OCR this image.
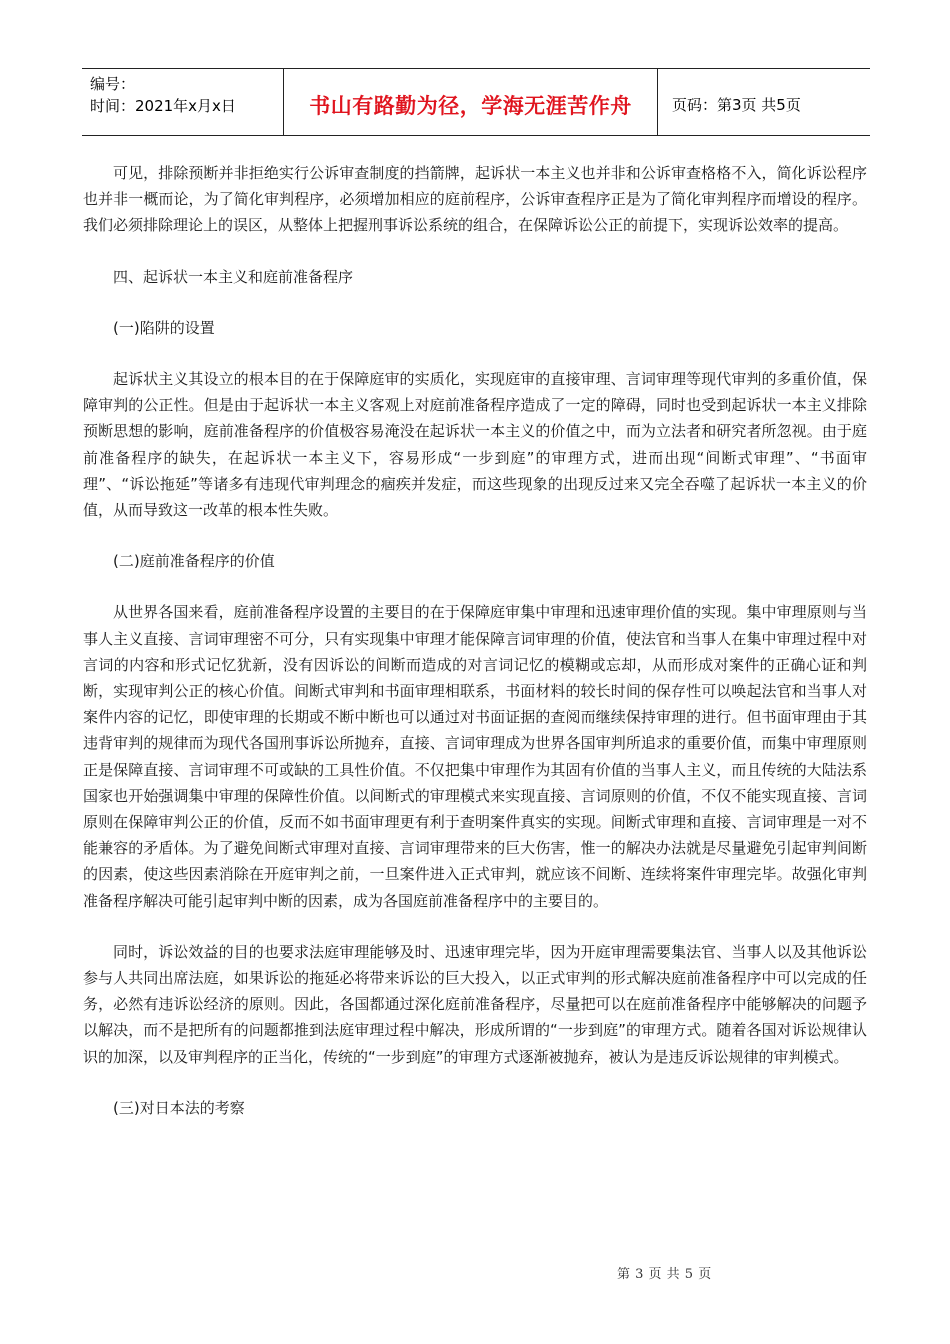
编号：
时间：2021年x月x日	书山有路勤为径，学海无涯苦作舟	页码：第3页 共5页

可见，排除预断并非拒绝实行公诉审查制度的挡箭牌，起诉状一本主义也并非和公诉审查格格不入，简化诉讼程序也并非一概而论，为了简化审判程序，必须增加相应的庭前程序，公诉审查程序正是为了简化审判程序而增设的程序。我们必须排除理论上的误区，从整体上把握刑事诉讼系统的组合，在保障诉讼公正的前提下，实现诉讼效率的提高。

四、起诉状一本主义和庭前准备程序

(一)陷阱的设置

起诉状主义其设立的根本目的在于保障庭审的实质化，实现庭审的直接审理、言词审理等现代审判的多重价值，保障审判的公正性。但是由于起诉状一本主义客观上对庭前准备程序造成了一定的障碍，同时也受到起诉状一本主义排除预断思想的影响，庭前准备程序的价值极容易淹没在起诉状一本主义的价值之中，而为立法者和研究者所忽视。由于庭前准备程序的缺失，在起诉状一本主义下，容易形成“一步到庭”的审理方式，进而出现“间断式审理”、“书面审理”、“诉讼拖延”等诸多有违现代审判理念的痼疾并发症，而这些现象的出现反过来又完全吞噬了起诉状一本主义的价值，从而导致这一改革的根本性失败。

(二)庭前准备程序的价值

从世界各国来看，庭前准备程序设置的主要目的在于保障庭审集中审理和迅速审理价值的实现。集中审理原则与当事人主义直接、言词审理密不可分，只有实现集中审理才能保障言词审理的价值，使法官和当事人在集中审理过程中对言词的内容和形式记忆犹新，没有因诉讼的间断而造成的对言词记忆的模糊或忘却，从而形成对案件的正确心证和判断，实现审判公正的核心价值。间断式审判和书面审理相联系，书面材料的较长时间的保存性可以唤起法官和当事人对案件内容的记忆，即使审理的长期或不断中断也可以通过对书面证据的查阅而继续保持审理的进行。但书面审理由于其违背审判的规律而为现代各国刑事诉讼所抛弃，直接、言词审理成为世界各国审判所追求的重要价值，而集中审理原则正是保障直接、言词审理不可或缺的工具性价值。不仅把集中审理作为其固有价值的当事人主义，而且传统的大陆法系国家也开始强调集中审理的保障性价值。以间断式的审理模式来实现直接、言词原则的价值，不仅不能实现直接、言词原则在保障审判公正的价值，反而不如书面审理更有利于查明案件真实的实现。间断式审理和直接、言词审理是一对不能兼容的矛盾体。为了避免间断式审理对直接、言词审理带来的巨大伤害，惟一的解决办法就是尽量避免引起审判间断的因素，使这些因素消除在开庭审判之前，一旦案件进入正式审判，就应该不间断、连续将案件审理完毕。故强化审判准备程序解决可能引起审判中断的因素，成为各国庭前准备程序中的主要目的。

同时，诉讼效益的目的也要求法庭审理能够及时、迅速审理完毕，因为开庭审理需要集法官、当事人以及其他诉讼参与人共同出席法庭，如果诉讼的拖延必将带来诉讼的巨大投入，以正式审判的形式解决庭前准备程序中可以完成的任务，必然有违诉讼经济的原则。因此，各国都通过深化庭前准备程序，尽量把可以在庭前准备程序中能够解决的问题予以解决，而不是把所有的问题都推到法庭审理过程中解决，形成所谓的“一步到庭”的审理方式。随着各国对诉讼规律认识的加深，以及审判程序的正当化，传统的“一步到庭”的审理方式逐渐被抛弃，被认为是违反诉讼规律的审判模式。

(三)对日本法的考察

第 3 页 共 5 页
